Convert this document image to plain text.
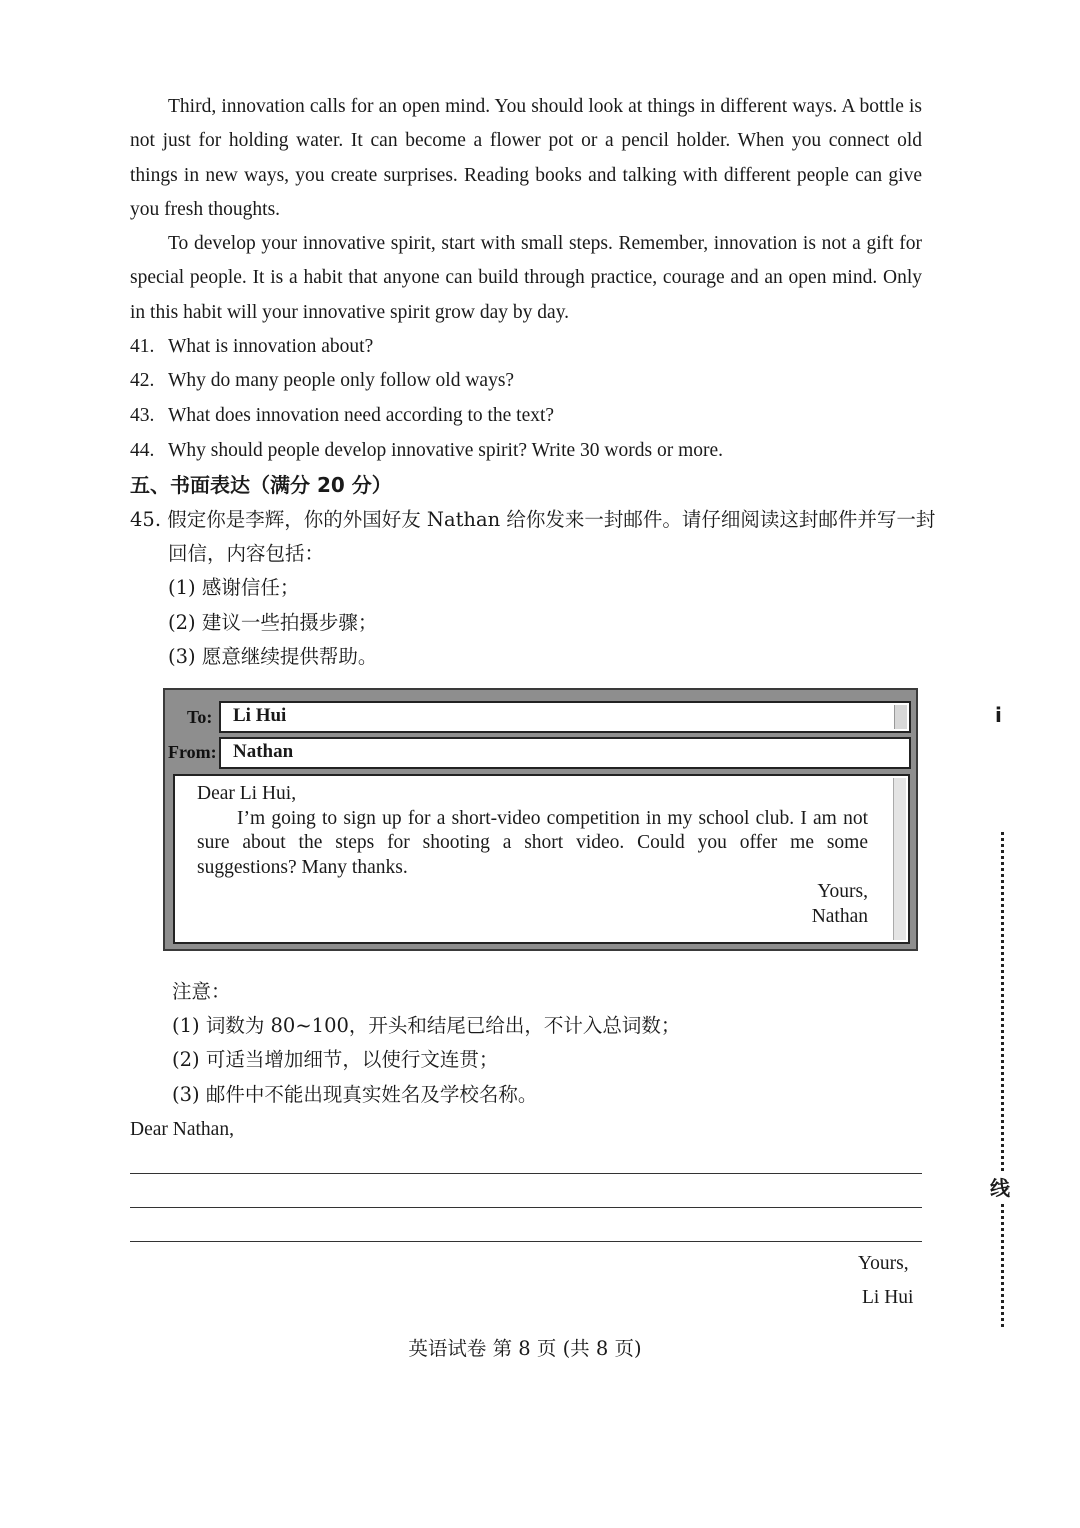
Third, innovation calls for an open mind. You should look at things in different ways. A bottle is not just for holding water. It can become a flower pot or a pencil holder. When you connect old things in new ways, you create surprises. Reading books and talking with different people can give you fresh thoughts.

To develop your innovative spirit, start with small steps. Remember, innovation is not a gift for special people. It is a habit that anyone can build through practice, courage and an open mind. Only in this habit will your innovative spirit grow day by day.

41. What is innovation about?
42. Why do many people only follow old ways?
43. What does innovation need according to the text?
44. Why should people develop innovative spirit? Write 30 words or more.
五、书面表达（满分 20 分）
45. 假定你是李辉，你的外国好友 Nathan 给你发来一封邮件。请仔细阅读这封邮件并写一封
回信，内容包括：
(1) 感谢信任；
(2) 建议一些拍摄步骤；
(3) 愿意继续提供帮助。
To:	Li Hui
From: Nathan
Dear Li Hui,
I’m going to sign up for a short-video competition in my school club. I am not sure about the steps for shooting a short video. Could you offer me some suggestions? Many thanks.
Yours,
Nathan
注意：
(1) 词数为 80~100，开头和结尾已给出，不计入总词数；
(2) 可适当增加细节，以使行文连贯；
(3) 邮件中不能出现真实姓名及学校名称。
Dear Nathan,
Yours,
Li Hui
英语试卷 第 8 页 (共 8 页)
i
线
